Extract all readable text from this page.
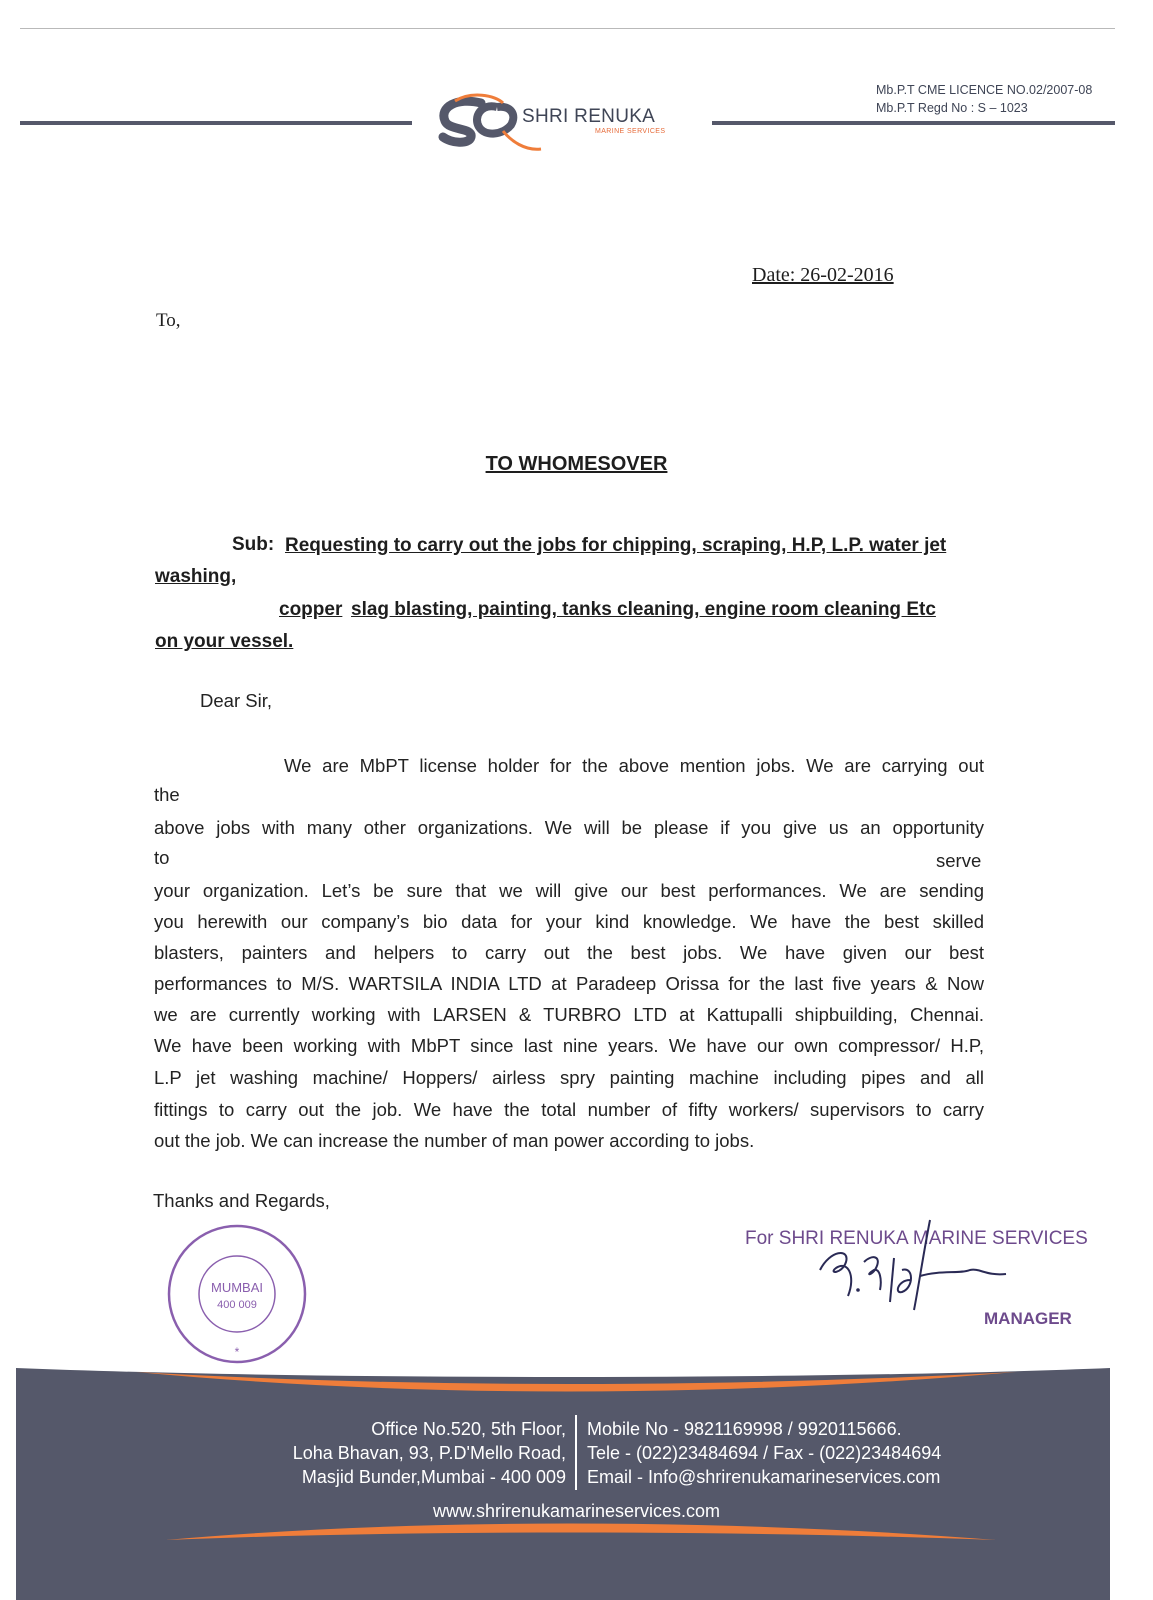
SHRI RENUKA
MARINE SERVICES
Mb.P.T CME LICENCE NO.02/2007-08
Mb.P.T Regd No : S – 1023
Date: 26-02-2016
To,
TO WHOMESOVER
Sub: Requesting to carry out the jobs for chipping, scraping, H.P, L.P. water jet
washing,
copper slag blasting, painting, tanks cleaning, engine room cleaning Etc
on your vessel.
Dear Sir,
We are MbPT license holder for the above mention jobs. We are carrying out
the
above jobs with many other organizations. We will be please if you give us an opportunity
to	serve
your organization. Let’s be sure that we will give our best performances. We are sending
you herewith our company’s bio data for your kind knowledge. We have the best skilled
blasters, painters and helpers to carry out the best jobs. We have given our best
performances to M/S. WARTSILA INDIA LTD at Paradeep Orissa for the last five years & Now
we are currently working with LARSEN & TURBRO LTD at Kattupalli shipbuilding, Chennai.
We have been working with MbPT since last nine years. We have our own compressor/ H.P,
L.P jet washing machine/ Hoppers/ airless spry painting machine including pipes and all
fittings to carry out the job. We have the total number of fifty workers/ supervisors to carry
out the job. We can increase the number of man power according to jobs.
Thanks and Regards,
MUMBAI
400 009
*
For SHRI RENUKA MARINE SERVICES
MANAGER
Office No.520, 5th Floor,
Loha Bhavan, 93, P.D'Mello Road,
Masjid Bunder,Mumbai - 400 009
Mobile No - 9821169998 / 9920115666.
Tele - (022)23484694 / Fax - (022)23484694
Email - Info@shrirenukamarineservices.com
www.shrirenukamarineservices.com
